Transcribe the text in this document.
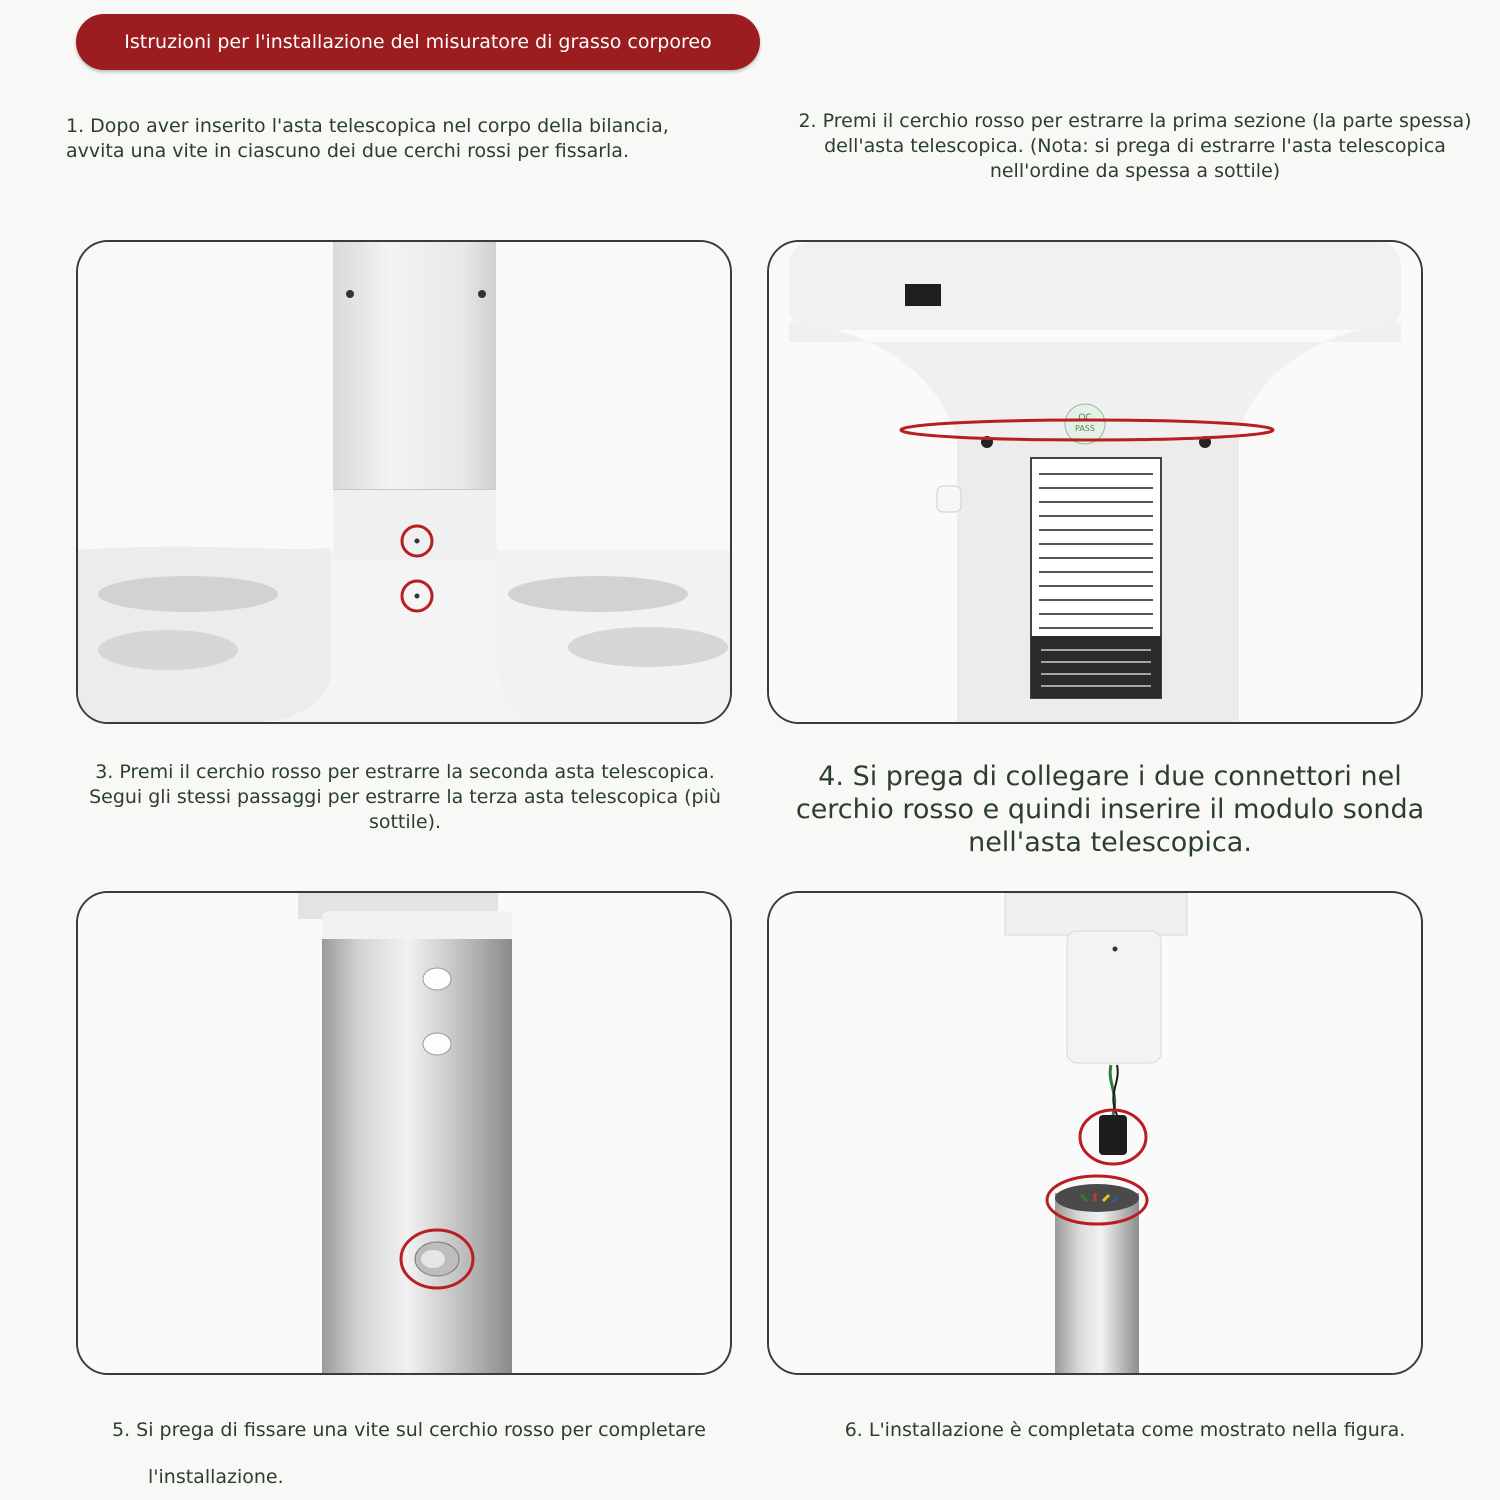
Istruzioni per l'installazione del misuratore di grasso corporeo
1. Dopo aver inserito l'asta telescopica nel corpo della bilancia, avvita una vite in ciascuno dei due cerchi rossi per fissarla.
2. Premi il cerchio rosso per estrarre la prima sezione (la parte spessa) dell'asta telescopica. (Nota: si prega di estrarre l'asta telescopica nell'ordine da spessa a sottile)
QC
PASS
3. Premi il cerchio rosso per estrarre la seconda asta telescopica. Segui gli stessi passaggi per estrarre la terza asta telescopica (più sottile).
4. Si prega di collegare i due connettori nel cerchio rosso e quindi inserire il modulo sonda nell'asta telescopica.
5. Si prega di fissare una vite sul cerchio rosso per completare
l'installazione.
6. L'installazione è completata come mostrato nella figura.
